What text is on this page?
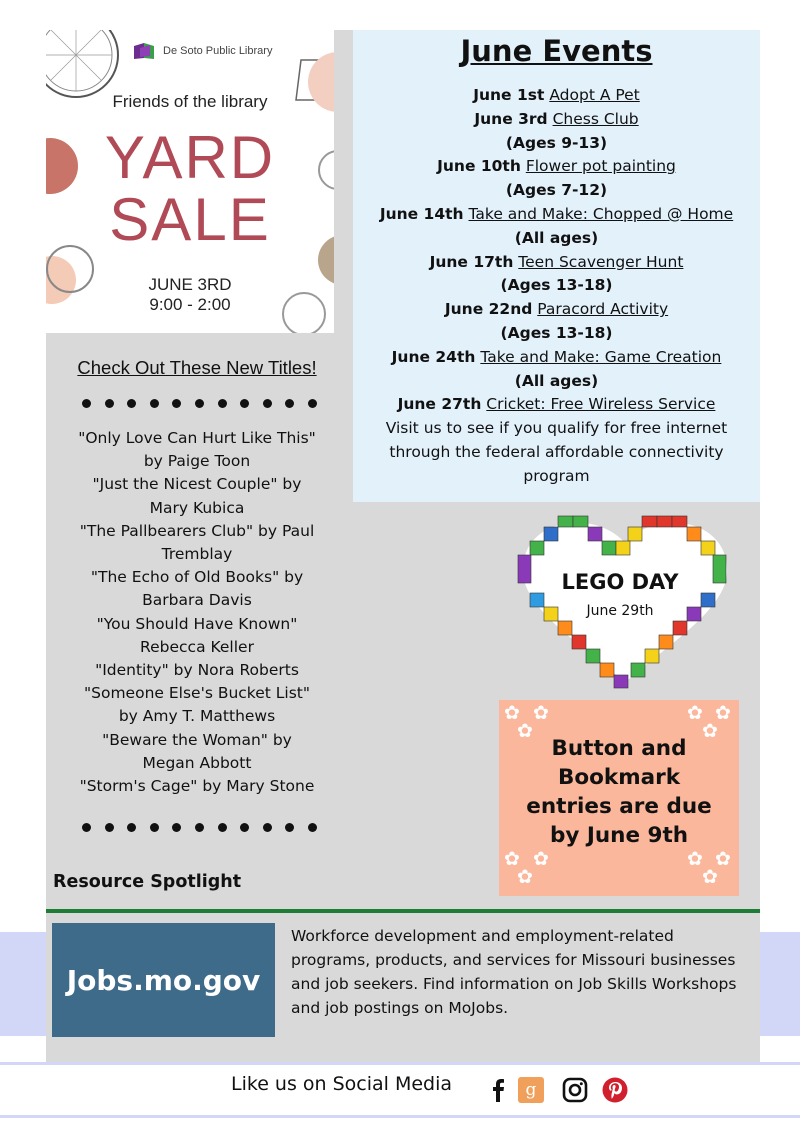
De Soto Public Library
Friends of the library
YARD
SALE
JUNE 3RD
9:00 - 2:00
June Events
June 1st Adopt A Pet
June 3rd Chess Club
(Ages 9-13)
June 10th Flower pot painting
(Ages 7-12)
June 14th Take and Make: Chopped @ Home
(All ages)
June 17th Teen Scavenger Hunt
(Ages 13-18)
June 22nd Paracord Activity
(Ages 13-18)
June 24th Take and Make: Game Creation
(All ages)
June 27th Cricket: Free Wireless Service
Visit us to see if you qualify for free internet through the federal affordable connectivity program
Check Out These New Titles!
"Only Love Can Hurt Like This"
by Paige Toon
"Just the Nicest Couple" by
Mary Kubica
"The Pallbearers Club" by Paul
Tremblay
"The Echo of Old Books" by
Barbara Davis
"You Should Have Known"
Rebecca Keller
"Identity" by Nora Roberts
"Someone Else's Bucket List"
by Amy T. Matthews
"Beware the Woman" by
Megan Abbott
"Storm's Cage" by Mary Stone
LEGO DAY
June 29th
✿ ✿
✿
✿ ✿
✿
✿ ✿
✿
✿ ✿
✿
Button and
Bookmark
entries are due
by June 9th
Resource Spotlight
Jobs.mo.gov
Workforce development and employment-related programs, products, and services for Missouri businesses and job seekers. Find information on Job Skills Workshops and job postings on MoJobs.
Like us on Social Media	g
